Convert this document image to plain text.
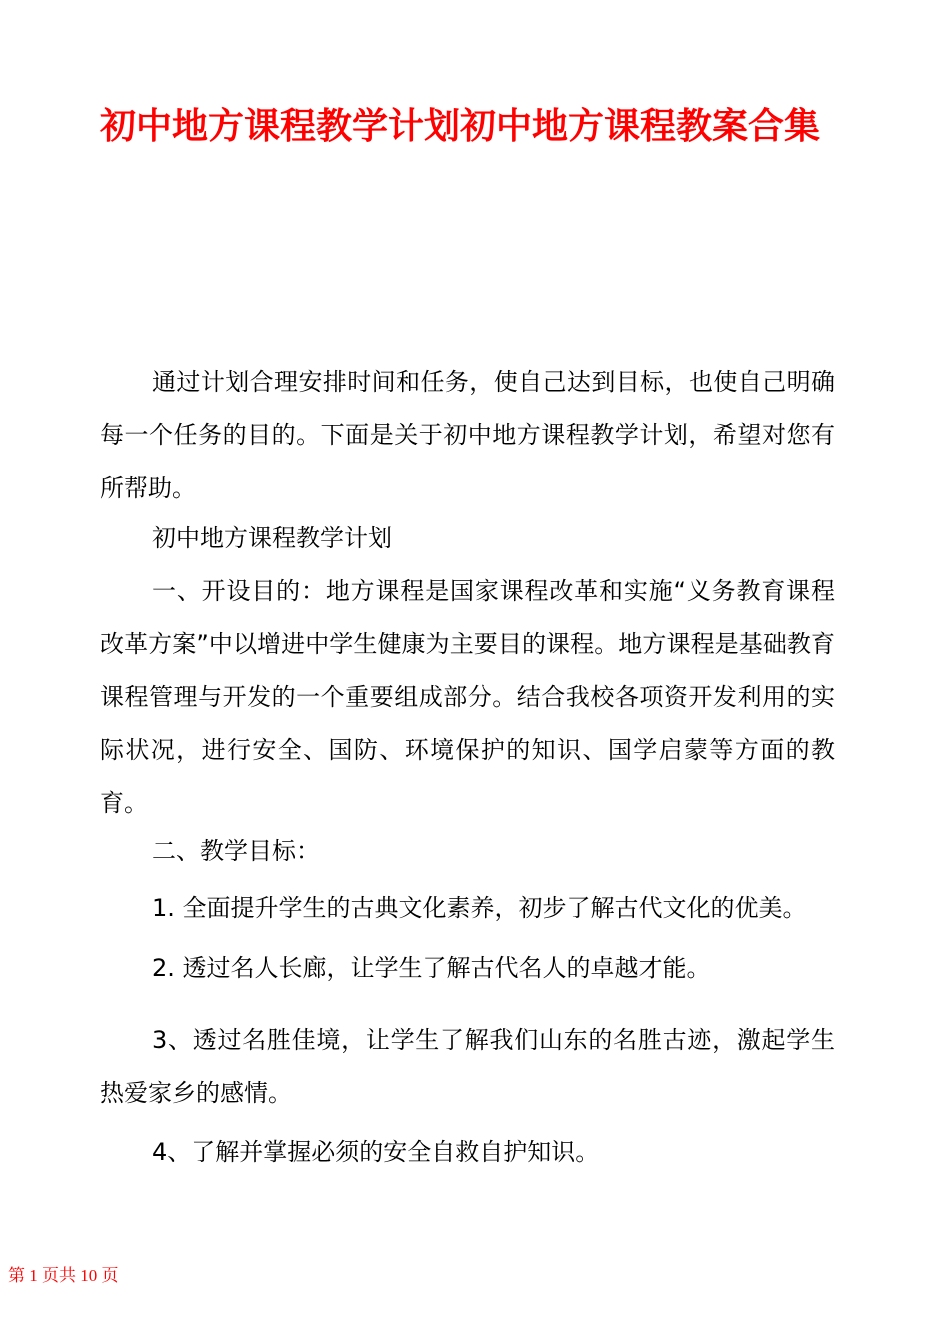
初中地方课程教学计划初中地方课程教案合集

通过计划合理安排时间和任务，使自己达到目标，也使自己明确每一个任务的目的。下面是关于初中地方课程教学计划，希望对您有所帮助。

初中地方课程教学计划

一、开设目的：地方课程是国家课程改革和实施“义务教育课程改革方案”中以增进中学生健康为主要目的课程。地方课程是基础教育课程管理与开发的一个重要组成部分。结合我校各项资开发利用的实际状况，进行安全、国防、环境保护的知识、国学启蒙等方面的教育。

二、教学目标：

1. 全面提升学生的古典文化素养，初步了解古代文化的优美。

2. 透过名人长廊，让学生了解古代名人的卓越才能。

3、透过名胜佳境，让学生了解我们山东的名胜古迹，激起学生热爱家乡的感情。

4、了解并掌握必须的安全自救自护知识。

第 1 页共 10 页
